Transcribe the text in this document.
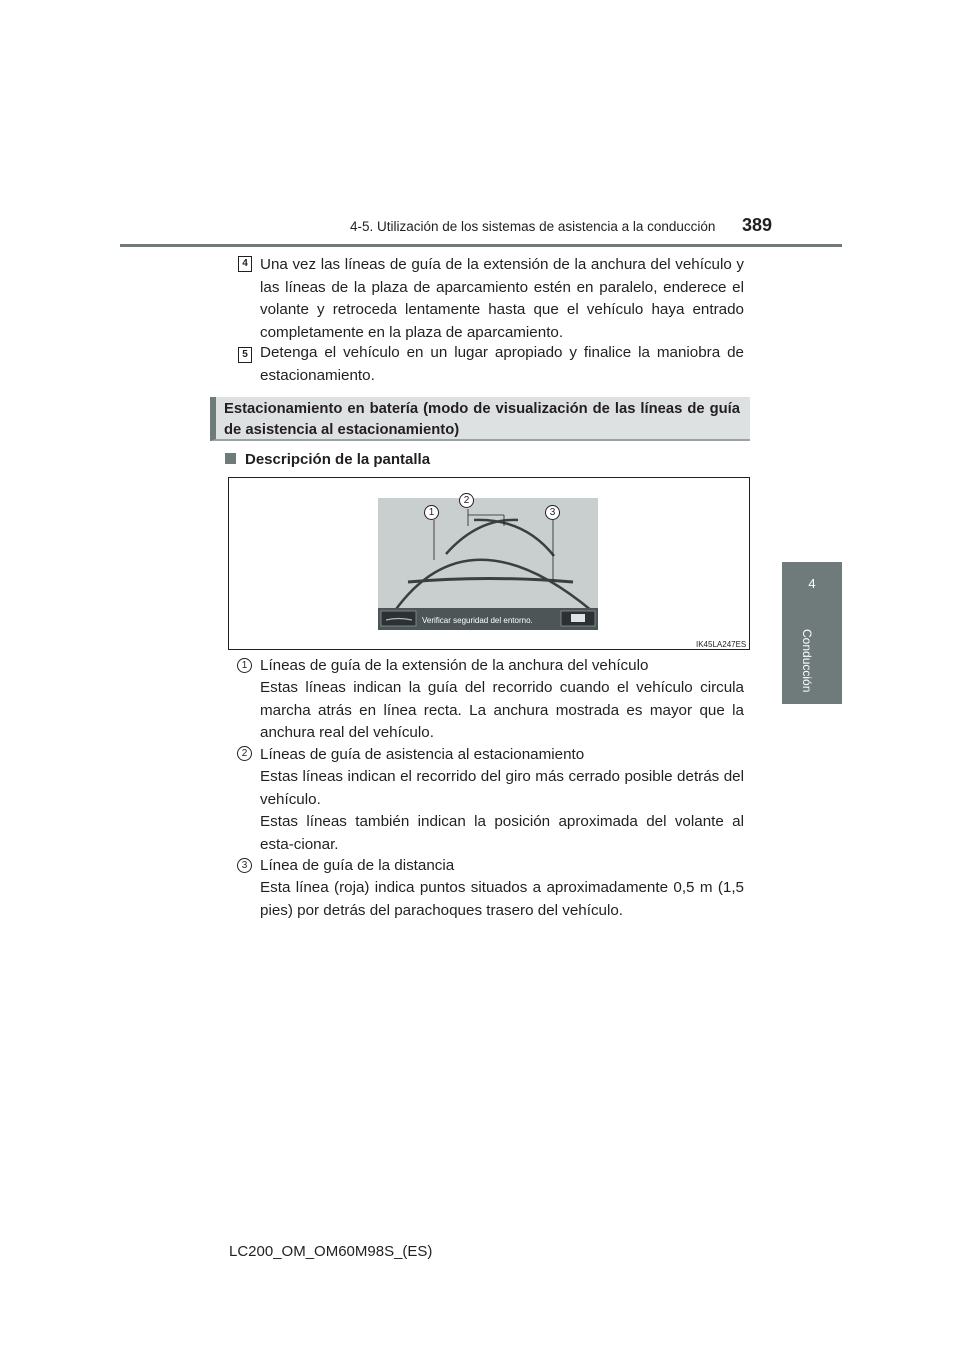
4-5. Utilización de los sistemas de asistencia a la conducción 389
4
Conducción
4 Una vez las líneas de guía de la extensión de la anchura del vehículo y las líneas de la plaza de aparcamiento estén en paralelo, enderece el volante y retroceda lentamente hasta que el vehículo haya entrado completamente en la plaza de aparcamiento.
5 Detenga el vehículo en un lugar apropiado y finalice la maniobra de estacionamiento.
Estacionamiento en batería (modo de visualización de las líneas de guía de asistencia al estacionamiento)
Descripción de la pantalla
Verificar seguridad del entorno.
1
2
3
IK45LA247ES
1 Líneas de guía de la extensión de la anchura del vehículo
Estas líneas indican la guía del recorrido cuando el vehículo circula marcha atrás en línea recta. La anchura mostrada es mayor que la anchura real del vehículo.
2 Líneas de guía de asistencia al estacionamiento
Estas líneas indican el recorrido del giro más cerrado posible detrás del vehículo.
Estas líneas también indican la posición aproximada del volante al esta-cionar.
3 Línea de guía de la distancia
Esta línea (roja) indica puntos situados a aproximadamente 0,5 m (1,5 pies) por detrás del parachoques trasero del vehículo.
LC200_OM_OM60M98S_(ES)
